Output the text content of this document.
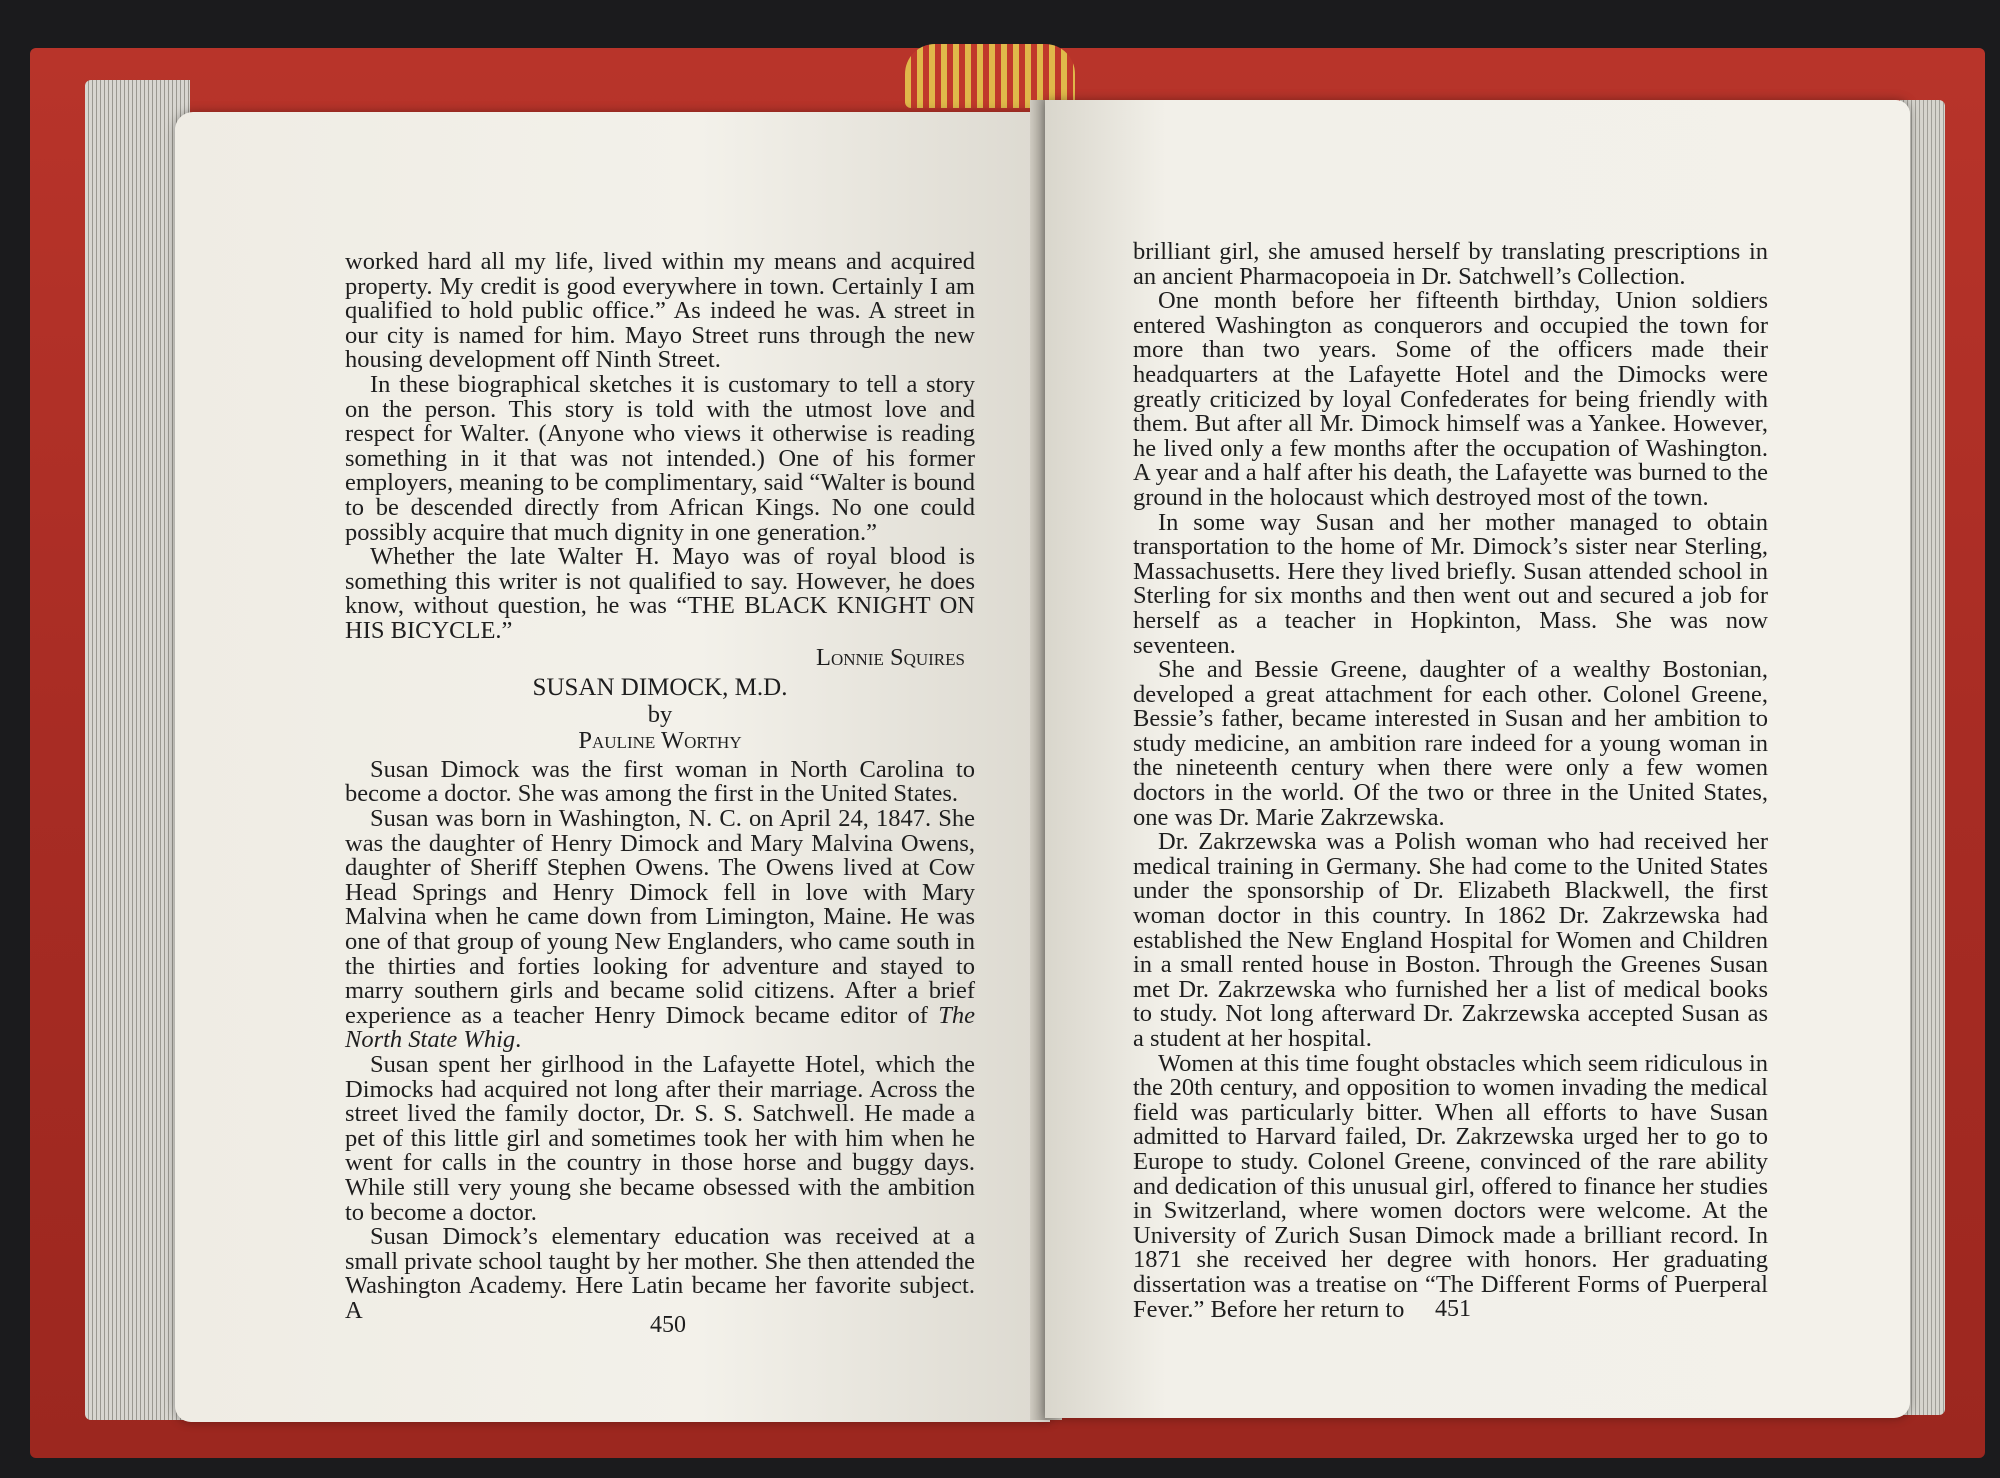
worked hard all my life, lived within my means and acquired property. My credit is good everywhere in town. Certainly I am qualified to hold public office.” As indeed he was. A street in our city is named for him. Mayo Street runs through the new housing development off Ninth Street.

In these biographical sketches it is customary to tell a story on the person. This story is told with the utmost love and respect for Walter. (Anyone who views it otherwise is reading something in it that was not intended.) One of his former employers, meaning to be complimentary, said “Walter is bound to be descended directly from African Kings. No one could possibly acquire that much dignity in one generation.”

Whether the late Walter H. Mayo was of royal blood is something this writer is not qualified to say. However, he does know, without question, he was “THE BLACK KNIGHT ON HIS BICYCLE.”

Lonnie Squires
SUSAN DIMOCK, M.D.
by
Pauline Worthy

Susan Dimock was the first woman in North Carolina to become a doctor. She was among the first in the United States.

Susan was born in Washington, N. C. on April 24, 1847. She was the daughter of Henry Dimock and Mary Malvina Owens, daughter of Sheriff Stephen Owens. The Owens lived at Cow Head Springs and Henry Dimock fell in love with Mary Malvina when he came down from Limington, Maine. He was one of that group of young New Englanders, who came south in the thirties and forties looking for adventure and stayed to marry southern girls and became solid citizens. After a brief experience as a teacher Henry Dimock became editor of The North State Whig.

Susan spent her girlhood in the Lafayette Hotel, which the Dimocks had acquired not long after their marriage. Across the street lived the family doctor, Dr. S. S. Satchwell. He made a pet of this little girl and sometimes took her with him when he went for calls in the country in those horse and buggy days. While still very young she became obsessed with the ambition to become a doctor.

Susan Dimock’s elementary education was received at a small private school taught by her mother. She then attended the Washington Academy. Here Latin became her favorite subject. A

450

brilliant girl, she amused herself by translating prescriptions in an ancient Pharmacopoeia in Dr. Satchwell’s Collection.

One month before her fifteenth birthday, Union soldiers entered Washington as conquerors and occupied the town for more than two years. Some of the officers made their headquarters at the Lafayette Hotel and the Dimocks were greatly criticized by loyal Confederates for being friendly with them. But after all Mr. Dimock himself was a Yankee. However, he lived only a few months after the occupation of Washington. A year and a half after his death, the Lafayette was burned to the ground in the holocaust which destroyed most of the town.

In some way Susan and her mother managed to obtain transportation to the home of Mr. Dimock’s sister near Sterling, Massachusetts. Here they lived briefly. Susan attended school in Sterling for six months and then went out and secured a job for herself as a teacher in Hopkinton, Mass. She was now seventeen.

She and Bessie Greene, daughter of a wealthy Bostonian, developed a great attachment for each other. Colonel Greene, Bessie’s father, became interested in Susan and her ambition to study medicine, an ambition rare indeed for a young woman in the nineteenth century when there were only a few women doctors in the world. Of the two or three in the United States, one was Dr. Marie Zakrzewska.

Dr. Zakrzewska was a Polish woman who had received her medical training in Germany. She had come to the United States under the sponsorship of Dr. Elizabeth Blackwell, the first woman doctor in this country. In 1862 Dr. Zakrzewska had established the New England Hospital for Women and Children in a small rented house in Boston. Through the Greenes Susan met Dr. Zakrzewska who furnished her a list of medical books to study. Not long afterward Dr. Zakrzewska accepted Susan as a student at her hospital.

Women at this time fought obstacles which seem ridiculous in the 20th century, and opposition to women invading the medical field was particularly bitter. When all efforts to have Susan admitted to Harvard failed, Dr. Zakrzewska urged her to go to Europe to study. Colonel Greene, convinced of the rare ability and dedication of this unusual girl, offered to finance her studies in Switzerland, where women doctors were welcome. At the University of Zurich Susan Dimock made a brilliant record. In 1871 she received her degree with honors. Her graduating dissertation was a treatise on “The Different Forms of Puerperal Fever.” Before her return to	451
